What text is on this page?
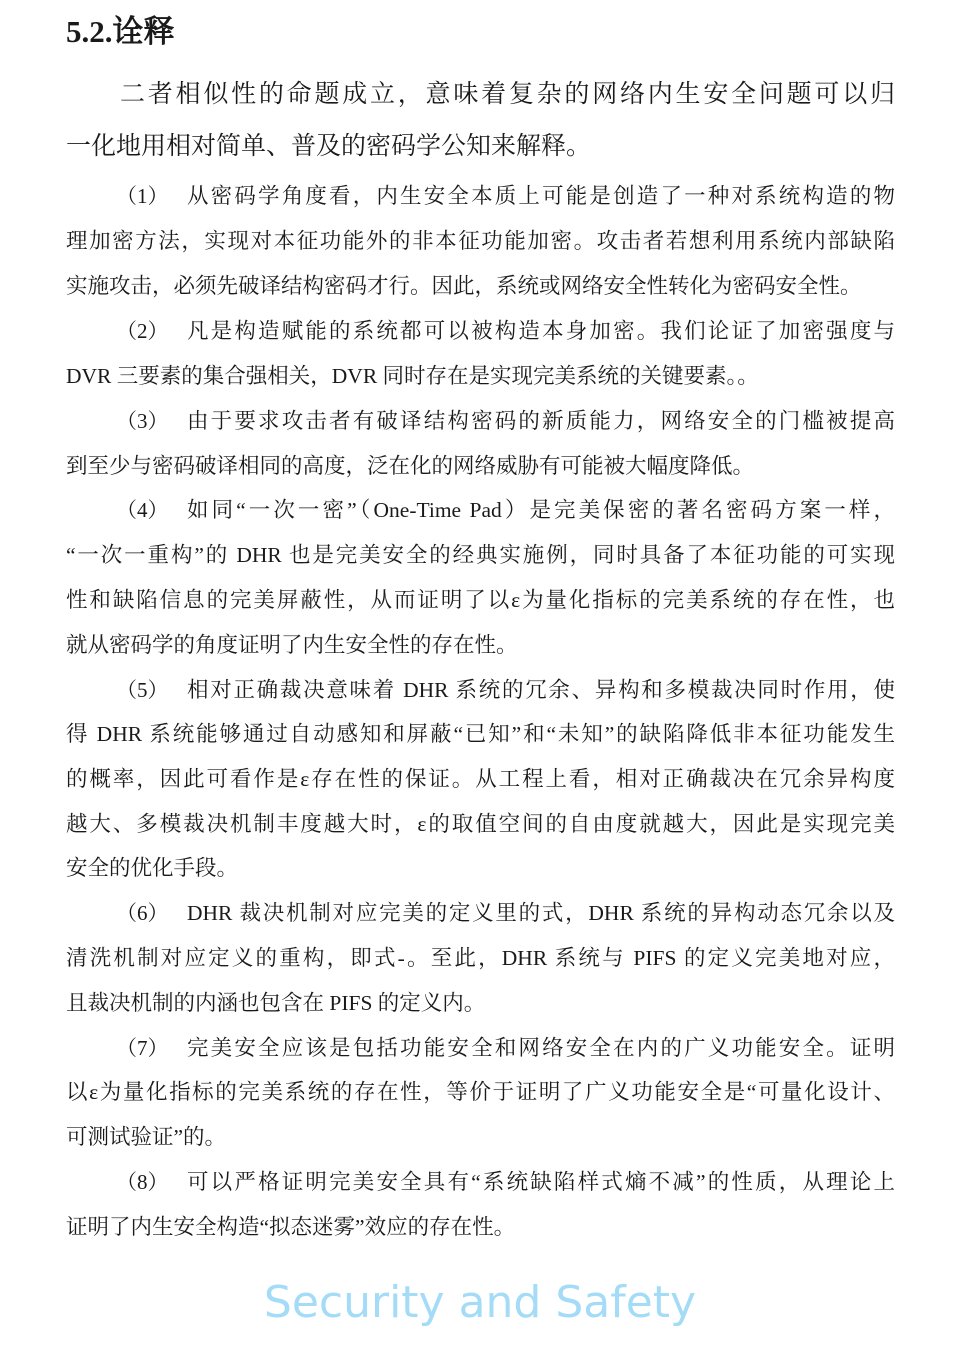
5.2.诠释
二者相似性的命题成立，意味着复杂的网络内生安全问题可以归
一化地用相对简单、普及的密码学公知来解释。
（1） 从密码学角度看，内生安全本质上可能是创造了一种对系统构造的物
理加密方法，实现对本征功能外的非本征功能加密。攻击者若想利用系统内部缺陷
实施攻击，必须先破译结构密码才行。因此，系统或网络安全性转化为密码安全性。
（2） 凡是构造赋能的系统都可以被构造本身加密。我们论证了加密强度与
DVR 三要素的集合强相关，DVR 同时存在是实现完美系统的关键要素。。
（3） 由于要求攻击者有破译结构密码的新质能力，网络安全的门槛被提高
到至少与密码破译相同的高度，泛在化的网络威胁有可能被大幅度降低。
（4） 如同“一次一密”（One-Time Pad）是完美保密的著名密码方案一样，
“一次一重构”的 DHR 也是完美安全的经典实施例，同时具备了本征功能的可实现
性和缺陷信息的完美屏蔽性，从而证明了以ε为量化指标的完美系统的存在性，也
就从密码学的角度证明了内生安全性的存在性。
（5） 相对正确裁决意味着 DHR 系统的冗余、异构和多模裁决同时作用，使
得 DHR 系统能够通过自动感知和屏蔽“已知”和“未知”的缺陷降低非本征功能发生
的概率，因此可看作是ε存在性的保证。从工程上看，相对正确裁决在冗余异构度
越大、多模裁决机制丰度越大时，ε的取值空间的自由度就越大，因此是实现完美
安全的优化手段。
（6） DHR 裁决机制对应完美的定义里的式，DHR 系统的异构动态冗余以及
清洗机制对应定义的重构，即式-。至此，DHR 系统与 PIFS 的定义完美地对应，
且裁决机制的内涵也包含在 PIFS 的定义内。
（7） 完美安全应该是包括功能安全和网络安全在内的广义功能安全。证明
以ε为量化指标的完美系统的存在性，等价于证明了广义功能安全是“可量化设计、
可测试验证”的。
（8） 可以严格证明完美安全具有“系统缺陷样式熵不减”的性质，从理论上
证明了内生安全构造“拟态迷雾”效应的存在性。
Security and Safety
